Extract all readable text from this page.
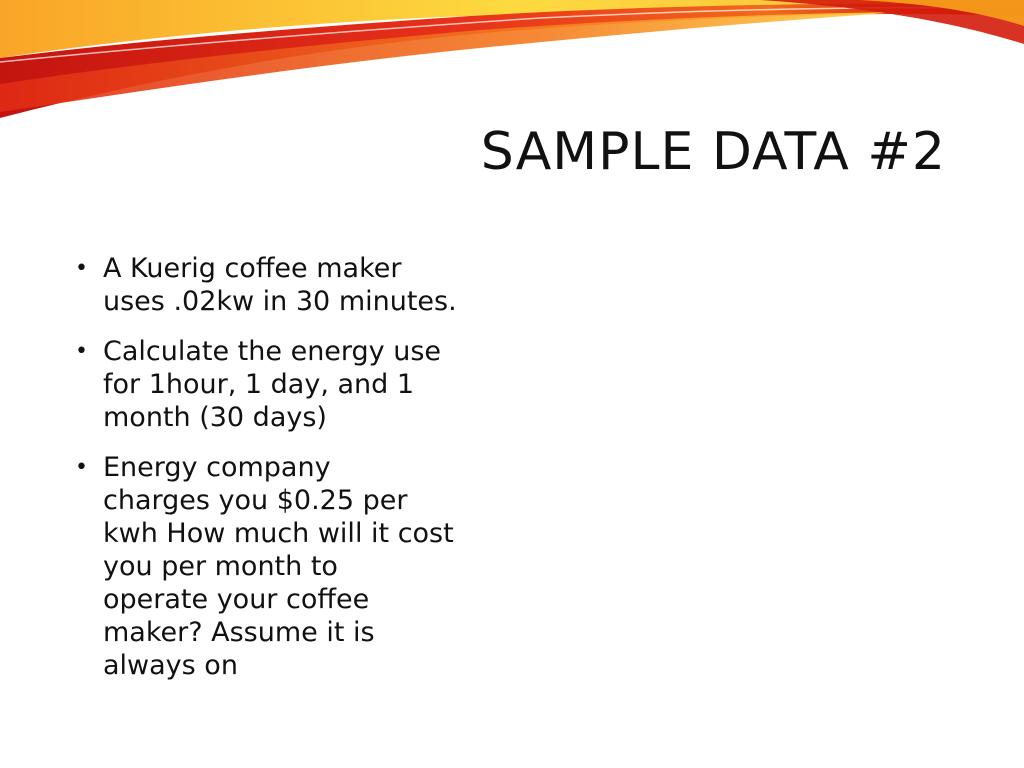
SAMPLE DATA #2
• A Kuerig coffee maker
uses .02kw in 30 minutes.
• Calculate the energy use
for 1hour, 1 day, and 1
month (30 days)
• Energy company
charges you $0.25 per
kwh How much will it cost
you per month to
operate your coffee
maker? Assume it is
always on
